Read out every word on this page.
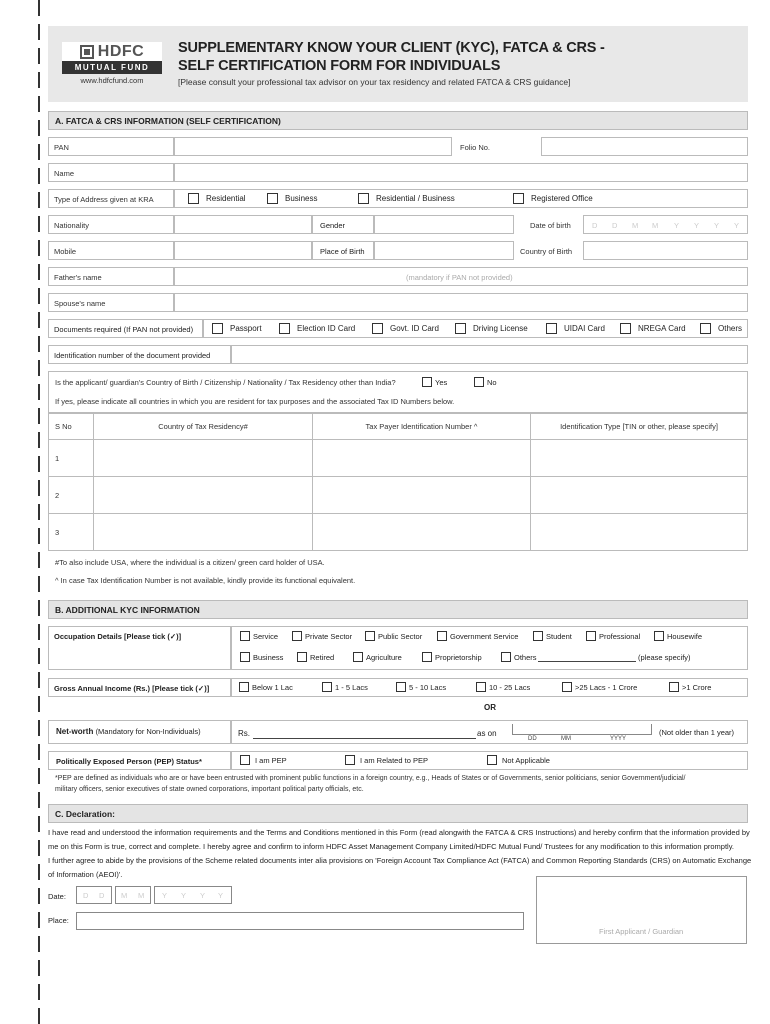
HDFC
MUTUAL FUND
www.hdfcfund.com
SUPPLEMENTARY KNOW YOUR CLIENT (KYC), FATCA & CRS -
SELF CERTIFICATION FORM FOR INDIVIDUALS
[Please consult your professional tax advisor on your tax residency and related FATCA & CRS guidance]
A. FATCA & CRS INFORMATION (SELF CERTIFICATION)
PAN	Folio No.
Name
Type of Address given at KRA	Residential	Business	Residential / Business	Registered Office
Nationality	Gender	Date of birth	D D M M Y Y Y Y
Mobile	Place of Birth	Country of Birth
Father's name	(mandatory if PAN not provided)
Spouse's name
Documents required (If PAN not provided)	Passport	Election ID Card	Govt. ID Card	Driving License	UIDAI Card	NREGA Card	Others
Identification number of the document provided
Is the applicant/ guardian's Country of Birth / Citizenship / Nationality / Tax Residency other than India?	Yes	No
If yes, please indicate all countries in which you are resident for tax purposes and the associated Tax ID Numbers below.
S No	Country of Tax Residency#	Tax Payer Identification Number ^	Identification Type [TIN or other, please specify]
1			
2			
3			
#To also include USA, where the individual is a citizen/ green card holder of USA.
^ In case Tax Identification Number is not available, kindly provide its functional equivalent.
B. ADDITIONAL KYC INFORMATION
Occupation Details [Please tick (✓)]	Service	Private Sector	Public Sector	Government Service	Student	Professional	Housewife
Business	Retired	Agriculture	Proprietorship	Others	(please specify)
Gross Annual Income (Rs.) [Please tick (✓)]	Below 1 Lac	1 - 5 Lacs	5 - 10 Lacs	10 - 25 Lacs	>25 Lacs - 1 Crore	>1 Crore
OR
Net-worth (Mandatory for Non-Individuals)	Rs.	as on
DD	MM	YYYY
(Not older than 1 year)
Politically Exposed Person (PEP) Status*	I am PEP	I am Related to PEP	Not Applicable
*PEP are defined as individuals who are or have been entrusted with prominent public functions in a foreign country, e.g., Heads of States or of Governments, senior politicians, senior Government/judicial/
military officers, senior executives of state owned corporations, important political party officials, etc.
C. Declaration:
I have read and understood the information requirements and the Terms and Conditions mentioned in this Form (read alongwith the FATCA & CRS Instructions) and hereby confirm that the information provided by
me on this Form is true, correct and complete. I hereby agree and confirm to inform HDFC Asset Management Company Limited/HDFC Mutual Fund/ Trustees for any modification to this information promptly.
I further agree to abide by the provisions of the Scheme related documents inter alia provisions on 'Foreign Account Tax Compliance Act (FATCA) and Common Reporting Standards (CRS) on Automatic Exchange
of Information (AEOI)'.
Date: D D M M Y Y Y Y
Place:
First Applicant / Guardian
